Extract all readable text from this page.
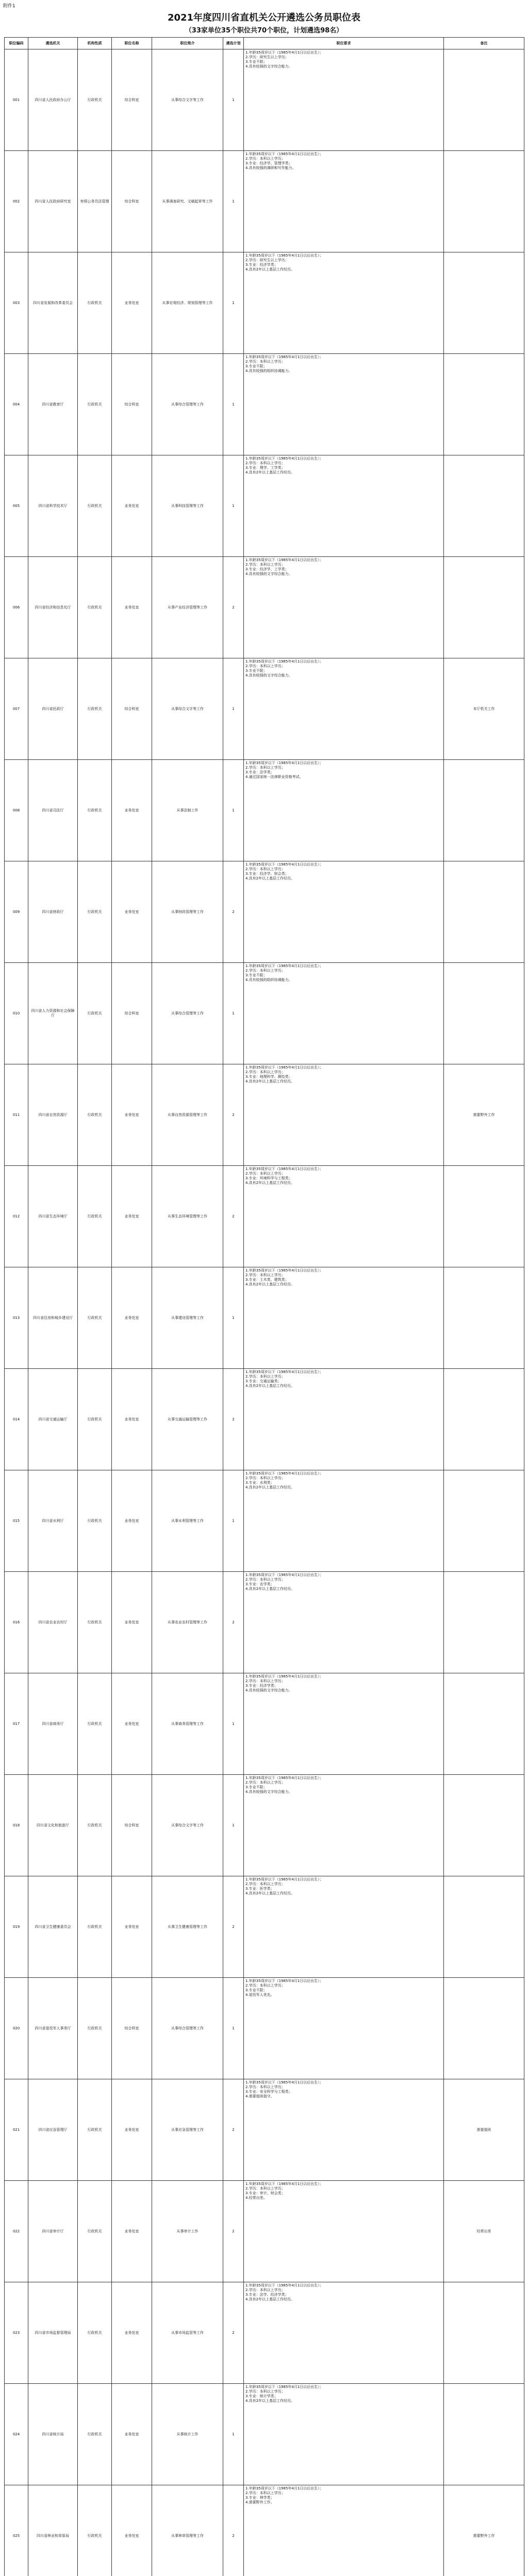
附件1
2021年度四川省直机关公开遴选公务员职位表
（33家单位35个职位共70个职位，计划遴选98名）
职位编码	遴选机关	机构性质	职位名称	职位简介	遴选计划	职位要求	备注
001	四川省人民政府办公厅	行政机关	综合科室	从事综合文字等工作	1	1.年龄35周岁以下（1985年4月1日以后出生）；
2.学历：研究生以上学历；
3.专业不限；
4.具有较强的文字综合能力。	

002	四川省人民政府研究室	参照公务员法管理	综合科室	从事调查研究、文稿起草等工作	1	1.年龄35周岁以下（1985年4月1日以后出生）；
2.学历：本科以上学历；
3.专业：经济学、管理学类；
4.具有较强的调研和写作能力。	

003	四川省发展和改革委员会	行政机关	业务处室	从事宏观经济、规划管理等工作	1	1.年龄35周岁以下（1985年4月1日以后出生）；
2.学历：研究生以上学历；
3.专业：经济学类；
4.具有2年以上基层工作经历。	

004	四川省教育厅	行政机关	综合科室	从事综合管理等工作	1	1.年龄35周岁以下（1985年4月1日以后出生）；
2.学历：本科以上学历；
3.专业不限；
4.具有较强的组织协调能力。	

005	四川省科学技术厅	行政机关	业务处室	从事科技管理等工作	1	1.年龄35周岁以下（1985年4月1日以后出生）；
2.学历：本科以上学历；
3.专业：理学、工学类；
4.具有2年以上基层工作经历。	

006	四川省经济和信息化厅	行政机关	业务处室	从事产业经济管理等工作	2	1.年龄35周岁以下（1985年4月1日以后出生）；
2.学历：本科以上学历；
3.专业：经济学、工学类；
4.具有较强的文字综合能力。	

007	四川省民政厅	行政机关	综合科室	从事综合文字等工作	1	1.年龄35周岁以下（1985年4月1日以后出生）；
2.学历：本科以上学历；
3.专业不限；
4.具有较强的文字综合能力。	本厅机关工作
008	四川省司法厅	行政机关	业务处室	从事法制工作	1	1.年龄35周岁以下（1985年4月1日以后出生）；
2.学历：本科以上学历；
3.专业：法学类；
4.通过国家统一法律职业资格考试。	

009	四川省财政厅	行政机关	业务处室	从事财政管理等工作	2	1.年龄35周岁以下（1985年4月1日以后出生）；
2.学历：本科以上学历；
3.专业：经济学、财会类；
4.具有2年以上基层工作经历。	

010	四川省人力资源和社会保障厅	行政机关	综合科室	从事综合管理等工作	1	1.年龄35周岁以下（1985年4月1日以后出生）；
2.学历：本科以上学历；
3.专业不限；
4.具有较强的组织协调能力。	

011	四川省自然资源厅	行政机关	业务处室	从事自然资源管理等工作	2	1.年龄35周岁以下（1985年4月1日以后出生）；
2.学历：本科以上学历；
3.专业：地理科学、测绘类；
4.具有2年以上基层工作经历。	需要野外工作
012	四川省生态环境厅	行政机关	业务处室	从事生态环境管理等工作	2	1.年龄35周岁以下（1985年4月1日以后出生）；
2.学历：本科以上学历；
3.专业：环境科学与工程类；
4.具有2年以上基层工作经历。	

013	四川省住房和城乡建设厅	行政机关	业务处室	从事建设管理等工作	1	1.年龄35周岁以下（1985年4月1日以后出生）；
2.学历：本科以上学历；
3.专业：土木类、建筑类；
4.具有2年以上基层工作经历。	

014	四川省交通运输厅	行政机关	业务处室	从事交通运输管理等工作	2	1.年龄35周岁以下（1985年4月1日以后出生）；
2.学历：本科以上学历；
3.专业：交通运输类；
4.具有2年以上基层工作经历。	

015	四川省水利厅	行政机关	业务处室	从事水利管理等工作	1	1.年龄35周岁以下（1985年4月1日以后出生）；
2.学历：本科以上学历；
3.专业：水利类；
4.具有2年以上基层工作经历。	

016	四川省农业农村厅	行政机关	业务处室	从事农业农村管理等工作	2	1.年龄35周岁以下（1985年4月1日以后出生）；
2.学历：本科以上学历；
3.专业：农学类；
4.具有2年以上基层工作经历。	

017	四川省商务厅	行政机关	业务处室	从事商务管理等工作	1	1.年龄35周岁以下（1985年4月1日以后出生）；
2.学历：本科以上学历；
3.专业：经济学类；
4.具有较强的文字综合能力。	

018	四川省文化和旅游厅	行政机关	综合科室	从事综合文字等工作	1	1.年龄35周岁以下（1985年4月1日以后出生）；
2.学历：本科以上学历；
3.专业不限；
4.具有较强的文字综合能力。	

019	四川省卫生健康委员会	行政机关	业务处室	从事卫生健康管理等工作	2	1.年龄35周岁以下（1985年4月1日以后出生）；
2.学历：本科以上学历；
3.专业：医学类；
4.具有2年以上基层工作经历。	

020	四川省退役军人事务厅	行政机关	综合科室	从事综合管理等工作	1	1.年龄35周岁以下（1985年4月1日以后出生）；
2.学历：本科以上学历；
3.专业不限；
4.退役军人优先。	

021	四川省应急管理厅	行政机关	业务处室	从事应急管理等工作	2	1.年龄35周岁以下（1985年4月1日以后出生）；
2.学历：本科以上学历；
3.专业：安全科学与工程类；
4.需要值班值守。	需要值班
022	四川省审计厅	行政机关	业务处室	从事审计工作	2	1.年龄35周岁以下（1985年4月1日以后出生）；
2.学历：本科以上学历；
3.专业：审计、财会类；
4.经常出差。	经常出差
023	四川省市场监督管理局	行政机关	业务处室	从事市场监管等工作	2	1.年龄35周岁以下（1985年4月1日以后出生）；
2.学历：本科以上学历；
3.专业：法学、经济学类；
4.具有2年以上基层工作经历。	

024	四川省统计局	行政机关	业务处室	从事统计工作	1	1.年龄35周岁以下（1985年4月1日以后出生）；
2.学历：本科以上学历；
3.专业：统计学类；
4.具有2年以上基层工作经历。	

025	四川省林业和草原局	行政机关	业务处室	从事林草管理等工作	2	1.年龄35周岁以下（1985年4月1日以后出生）；
2.学历：本科以上学历；
3.专业：林学类；
4.需要野外工作。	需要野外工作
